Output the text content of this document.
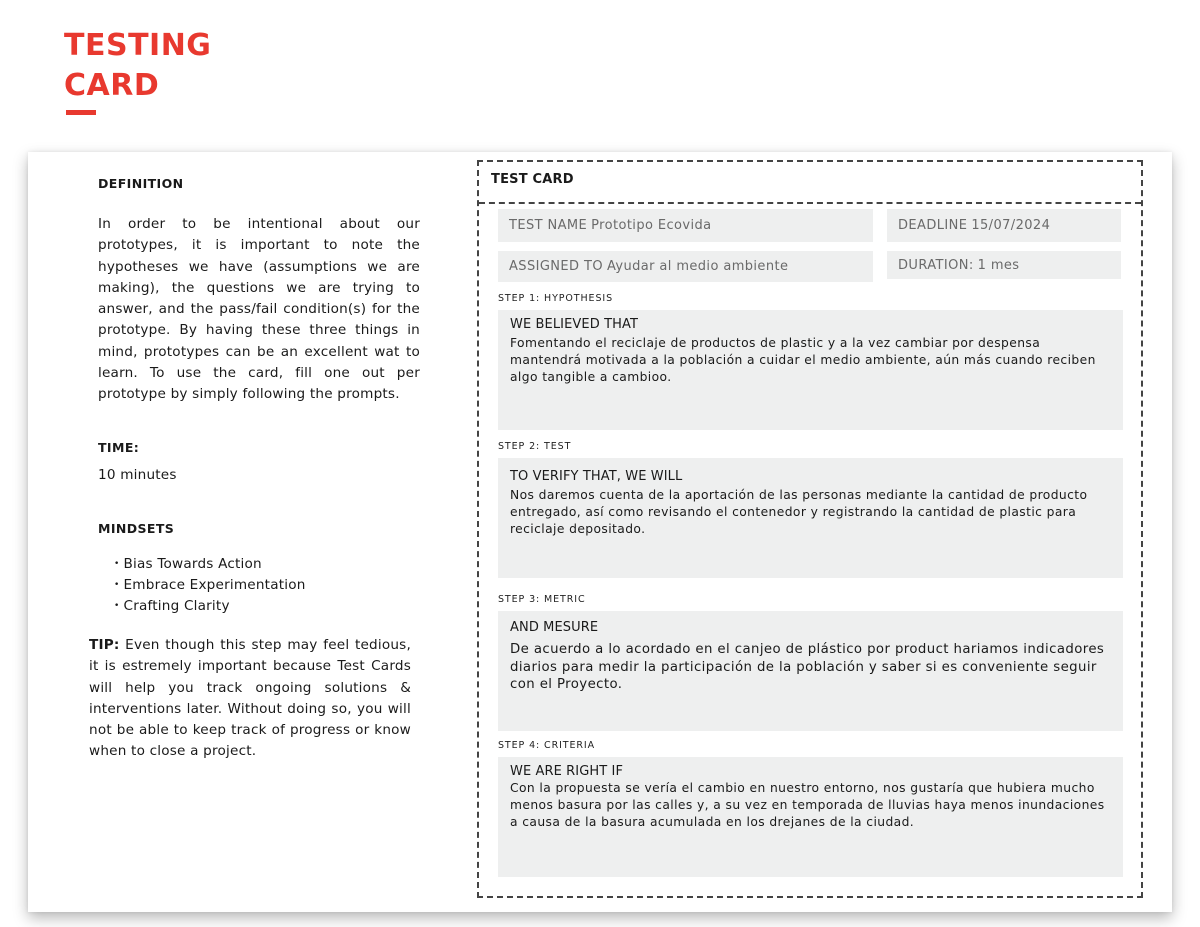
TESTING
CARD
DEFINITION
In order to be intentional about our prototypes, it is important to note the hypotheses we have (assumptions we are making), the questions we are trying to answer, and the pass/fail condition(s) for the prototype. By having these three things in mind, prototypes can be an excellent wat to learn. To use the card, fill one out per prototype by simply following the prompts.
TIME:
10 minutes
MINDSETS
• Bias Towards Action
• Embrace Experimentation
• Crafting Clarity
TIP: Even though this step may feel tedious, it is estremely important because Test Cards will help you track ongoing solutions & interventions later. Without doing so, you will not be able to keep track of progress or know when to close a project.
TEST CARD
TEST NAME Prototipo Ecovida	DEADLINE 15/07/2024
ASSIGNED TO Ayudar al medio ambiente	DURATION: 1 mes
STEP 1: HYPOTHESIS
WE BELIEVED THAT
Fomentando el reciclaje de productos de plastic y a la vez cambiar por despensa mantendrá motivada a la población a cuidar el medio ambiente, aún más cuando reciben algo tangible a cambioo.
STEP 2: TEST
TO VERIFY THAT, WE WILL
Nos daremos cuenta de la aportación de las personas mediante la cantidad de producto entregado, así como revisando el contenedor y registrando la cantidad de plastic para reciclaje depositado.
STEP 3: METRIC
AND MESURE
De acuerdo a lo acordado en el canjeo de plástico por product hariamos indicadores diarios para medir la participación de la población y saber si es conveniente seguir con el Proyecto.
STEP 4: CRITERIA
WE ARE RIGHT IF
Con la propuesta se vería el cambio en nuestro entorno, nos gustaría que hubiera mucho menos basura por las calles y, a su vez en temporada de lluvias haya menos inundaciones a causa de la basura acumulada en los drejanes de la ciudad.
